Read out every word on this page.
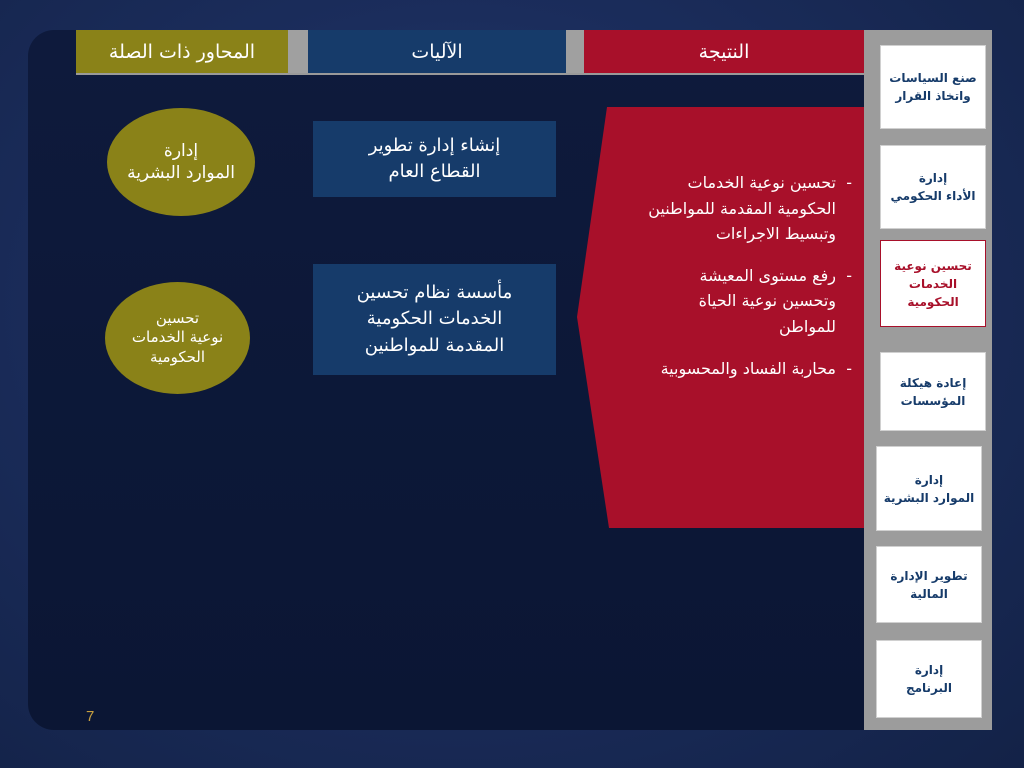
المحاور ذات الصلة	الآليات	النتيجة
إدارة
الموارد البشرية
تحسين
نوعية الخدمات
الحكومية
إنشاء إدارة تطوير
القطاع العام
مأسسة نظام تحسين
الخدمات الحكومية
المقدمة للمواطنين
-
تحسين نوعية الخدمات
الحكومية المقدمة للمواطنين
وتبسيط الاجراءات
-
رفع مستوى المعيشة
وتحسين نوعية الحياة
للمواطن
-
محاربة الفساد والمحسوبية
صنع السياسات
واتخاذ القرار
إدارة
الأداء الحكومي
تحسين نوعية
الخدمات
الحكومية
إعادة هيكلة
المؤسسات
إدارة
الموارد البشرية
تطوير الإدارة
المالية
إدارة
البرنامج
7
